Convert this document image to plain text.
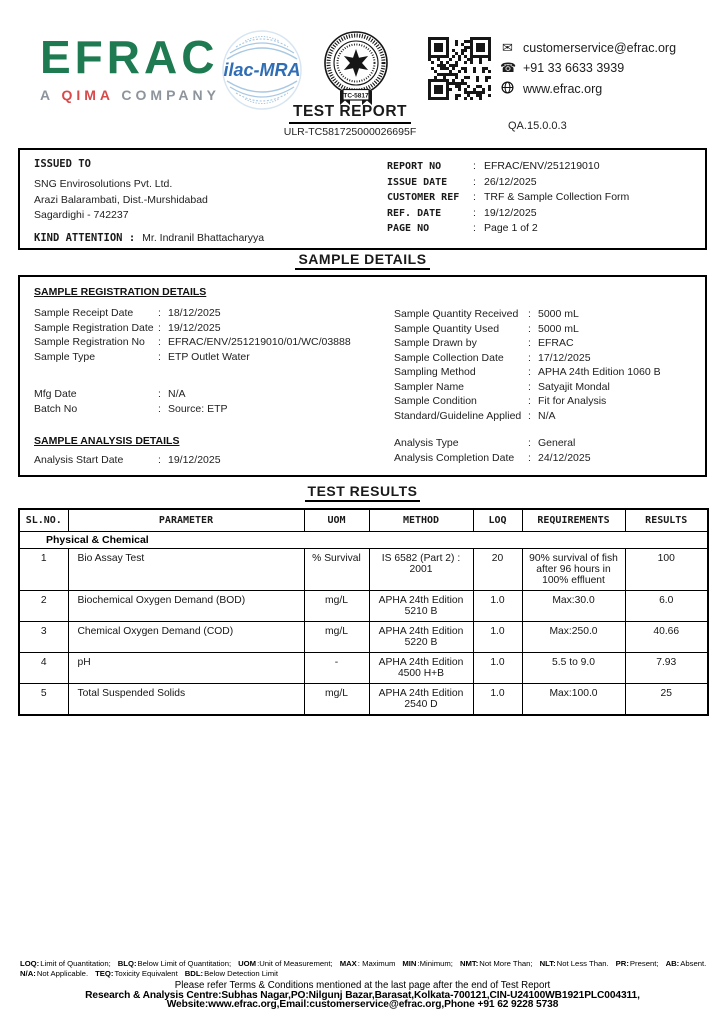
EFRAC
A QIMA COMPANY
ilac-MRA
TC-5817
✉ customerservice@efrac.org
☎ +91 33 6633 3939
www.efrac.org
QA.15.0.0.3
TEST REPORT
ULR-TC581725000026695F
ISSUED TO
SNG Envirosolutions Pvt. Ltd.
Arazi Balarambati, Dist.-Murshidabad
Sagardighi - 742237
KIND ATTENTION : Mr. Indranil Bhattacharyya
REPORT NO	: EFRAC/ENV/251219010
ISSUE DATE	: 26/12/2025
CUSTOMER REF	: TRF & Sample Collection Form
REF. DATE	: 19/12/2025
PAGE NO	: Page 1 of 2
SAMPLE DETAILS
SAMPLE REGISTRATION DETAILS
Sample Receipt Date	: 18/12/2025
Sample Registration Date : 19/12/2025
Sample Registration No	: EFRAC/ENV/251219010/01/WC/03888
Sample Type	: ETP Outlet Water
Mfg Date	: N/A
Batch No	: Source: ETP
SAMPLE ANALYSIS DETAILS
Analysis Start Date	: 19/12/2025
Sample Quantity Received : 5000 mL
Sample Quantity Used	: 5000 mL
Sample Drawn by	: EFRAC
Sample Collection Date	: 17/12/2025
Sampling Method	: APHA 24th Edition 1060 B
Sampler Name	: Satyajit Mondal
Sample Condition	: Fit for Analysis
Standard/Guideline Applied : N/A
Analysis Type	: General
Analysis Completion Date	: 24/12/2025
TEST RESULTS
SL.NO.	PARAMETER	UOM	METHOD	LOQ	REQUIREMENTS	RESULTS
Physical & Chemical						
1	Bio Assay Test	% Survival	IS 6582 (Part 2) : 2001	20	90% survival of fish after 96 hours in 100% effluent	100
2	Biochemical Oxygen Demand (BOD)	mg/L	APHA 24th Edition 5210 B	1.0	Max:30.0	6.0
3	Chemical Oxygen Demand (COD)	mg/L	APHA 24th Edition 5220 B	1.0	Max:250.0	40.66
4	pH	-	APHA 24th Edition 4500 H+B	1.0	5.5 to 9.0	7.93
5	Total Suspended Solids	mg/L	APHA 24th Edition 2540 D	1.0	Max:100.0	25
LOQ:Limit of Quantitation; BLQ:Below Limit of Quantitation; UOM:Unit of Measurement; MAX: Maximum MIN:Minimum; NMT:Not More Than; NLT:Not Less Than. PR:Present; AB:Absent.
N/A:Not Applicable. TEQ:Toxicity Equivalent BDL:Below Detection Limit
Please refer Terms & Conditions mentioned at the last page after the end of Test Report
Research & Analysis Centre:Subhas Nagar,PO:Nilgunj Bazar,Barasat,Kolkata-700121,CIN-U24100WB1921PLC004311,
Website:www.efrac.org,Email:customerservice@efrac.org,Phone +91 62 9228 5738
